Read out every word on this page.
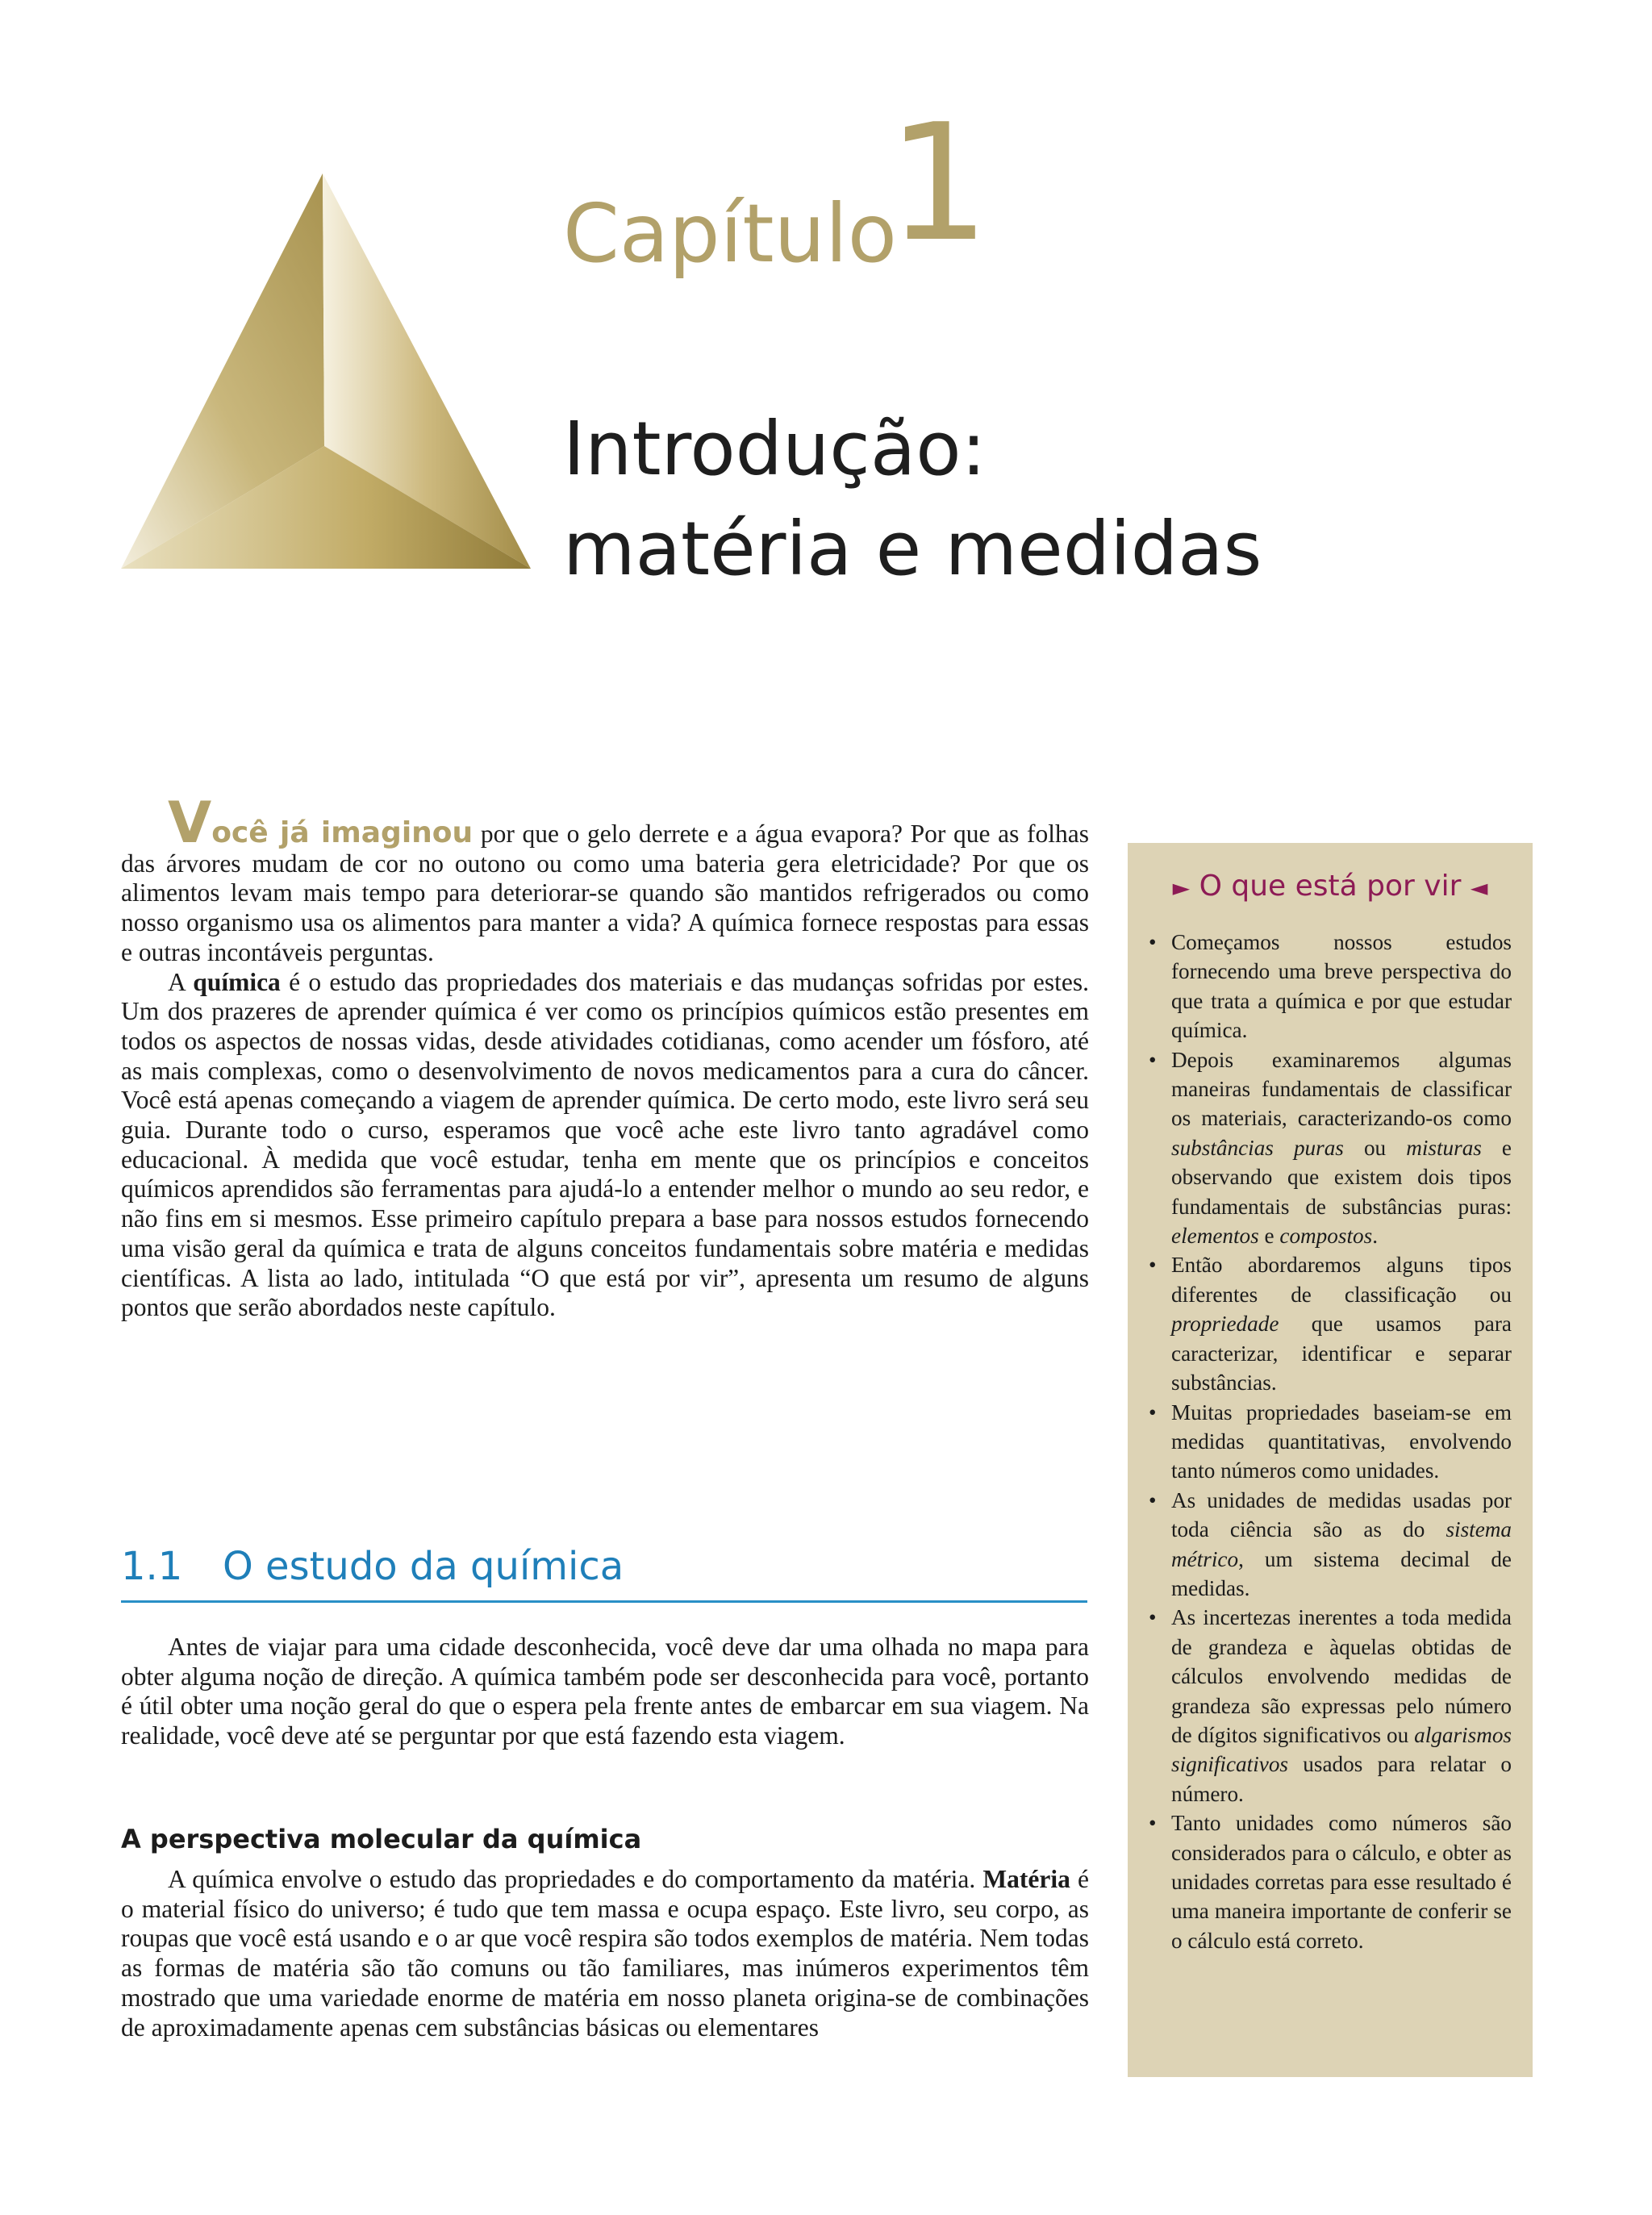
Capítulo
1
Introdução:
matéria e medidas

Você já imaginou por que o gelo derrete e a água evapora? Por que as folhas das árvores mudam de cor no outono ou como uma bateria gera eletricidade? Por que os alimentos levam mais tempo para deteriorar-se quando são mantidos refrigerados ou como nosso organismo usa os alimentos para manter a vida? A química fornece respostas para essas e outras incontáveis perguntas.

A química é o estudo das propriedades dos materiais e das mudanças sofridas por estes. Um dos prazeres de aprender química é ver como os princípios químicos estão presentes em todos os aspectos de nossas vidas, desde atividades cotidianas, como acender um fósforo, até as mais complexas, como o desenvolvimento de novos medicamentos para a cura do câncer. Você está apenas começando a viagem de aprender química. De certo modo, este livro será seu guia. Durante todo o curso, esperamos que você ache este livro tanto agradável como educacional. À medida que você estudar, tenha em mente que os princípios e conceitos químicos aprendidos são ferramentas para ajudá-lo a entender melhor o mundo ao seu redor, e não fins em si mesmos. Esse primeiro capítulo prepara a base para nossos estudos fornecendo uma visão geral da química e trata de alguns conceitos fundamentais sobre matéria e medidas científicas. A lista ao lado, intitulada “O que está por vir”, apresenta um resumo de alguns pontos que serão abordados neste capítulo.

1.1 O estudo da química

Antes de viajar para uma cidade desconhecida, você deve dar uma olhada no mapa para obter alguma noção de direção. A química também pode ser desconhecida para você, portanto é útil obter uma noção geral do que o espera pela frente antes de embarcar em sua viagem. Na realidade, você deve até se perguntar por que está fazendo esta viagem.

A perspectiva molecular da química

A química envolve o estudo das propriedades e do comportamento da matéria. Matéria é o material físico do universo; é tudo que tem massa e ocupa espaço. Este livro, seu corpo, as roupas que você está usando e o ar que você respira são todos exemplos de matéria. Nem todas as formas de matéria são tão comuns ou tão familiares, mas inúmeros experimentos têm mostrado que uma variedade enorme de matéria em nosso planeta origina-se de combinações de aproximadamente apenas cem substâncias básicas ou elementares

► O que está por vir ◄
• Começamos nossos estudos fornecendo uma breve perspectiva do que trata a química e por que estudar química.
• Depois examinaremos algumas maneiras fundamentais de classificar os materiais, caracterizando-os como substâncias puras ou misturas e observando que existem dois tipos fundamentais de substâncias puras: elementos e compostos.
• Então abordaremos alguns tipos diferentes de classificação ou propriedade que usamos para caracterizar, identificar e separar substâncias.
• Muitas propriedades baseiam-se em medidas quantitativas, envolvendo tanto números como unidades.
• As unidades de medidas usadas por toda ciência são as do sistema métrico, um sistema decimal de medidas.
• As incertezas inerentes a toda medida de grandeza e àquelas obtidas de cálculos envolvendo medidas de grandeza são expressas pelo número de dígitos significativos ou algarismos significativos usados para relatar o número.
• Tanto unidades como números são considerados para o cálculo, e obter as unidades corretas para esse resultado é uma maneira importante de conferir se o cálculo está correto.
